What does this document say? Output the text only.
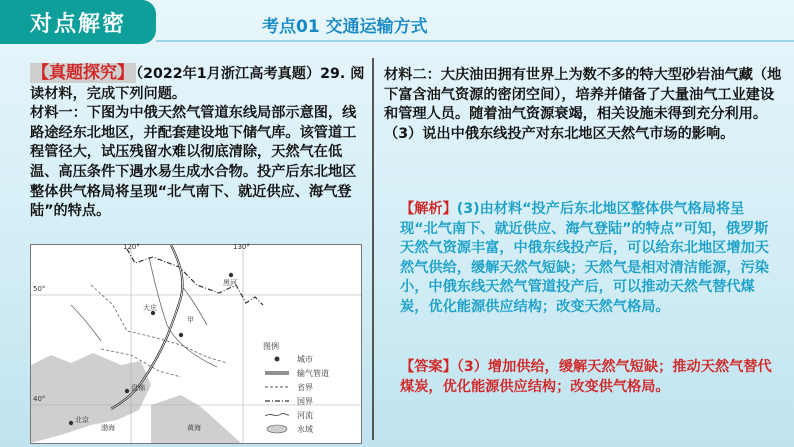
对点解密	考点01 交通运输方式
【真题探究】 （2022年1月浙江高考真题）29. 阅读材料，完成下列问题。
材料一：下图为中俄天然气管道东线局部示意图，线路途经东北地区，并配套建设地下储气库。该管道工程管径大，试压残留水难以彻底清除，天然气在低温、高压条件下遇水易生成水合物。投产后东北地区整体供气格局将呈现“北气南下、就近供应、海气登陆”的特点。
120°	130°
50°
40°
黑河
大庆
甲
盘锦
北京
渤海	黄海
图例
城市
输气管道
省界
国界
河流
水域
材料二：大庆油田拥有世界上为数不多的特大型砂岩油气藏（地下富含油气资源的密闭空间），培养并储备了大量油气工业建设和管理人员。随着油气资源衰竭，相关设施未得到充分利用。
（3）说出中俄东线投产对东北地区天然气市场的影响。
【解析】(3)由材料“投产后东北地区整体供气格局将呈现“北气南下、就近供应、海气登陆”的特点”可知，俄罗斯天然气资源丰富，中俄东线投产后，可以给东北地区增加天然气供给，缓解天然气短缺；天然气是相对清洁能源，污染小，中俄东线天然气管道投产后，可以推动天然气替代煤炭，优化能源供应结构；改变天然气格局。
【答案】（3）增加供给，缓解天然气短缺；推动天然气替代煤炭，优化能源供应结构；改变供气格局。
